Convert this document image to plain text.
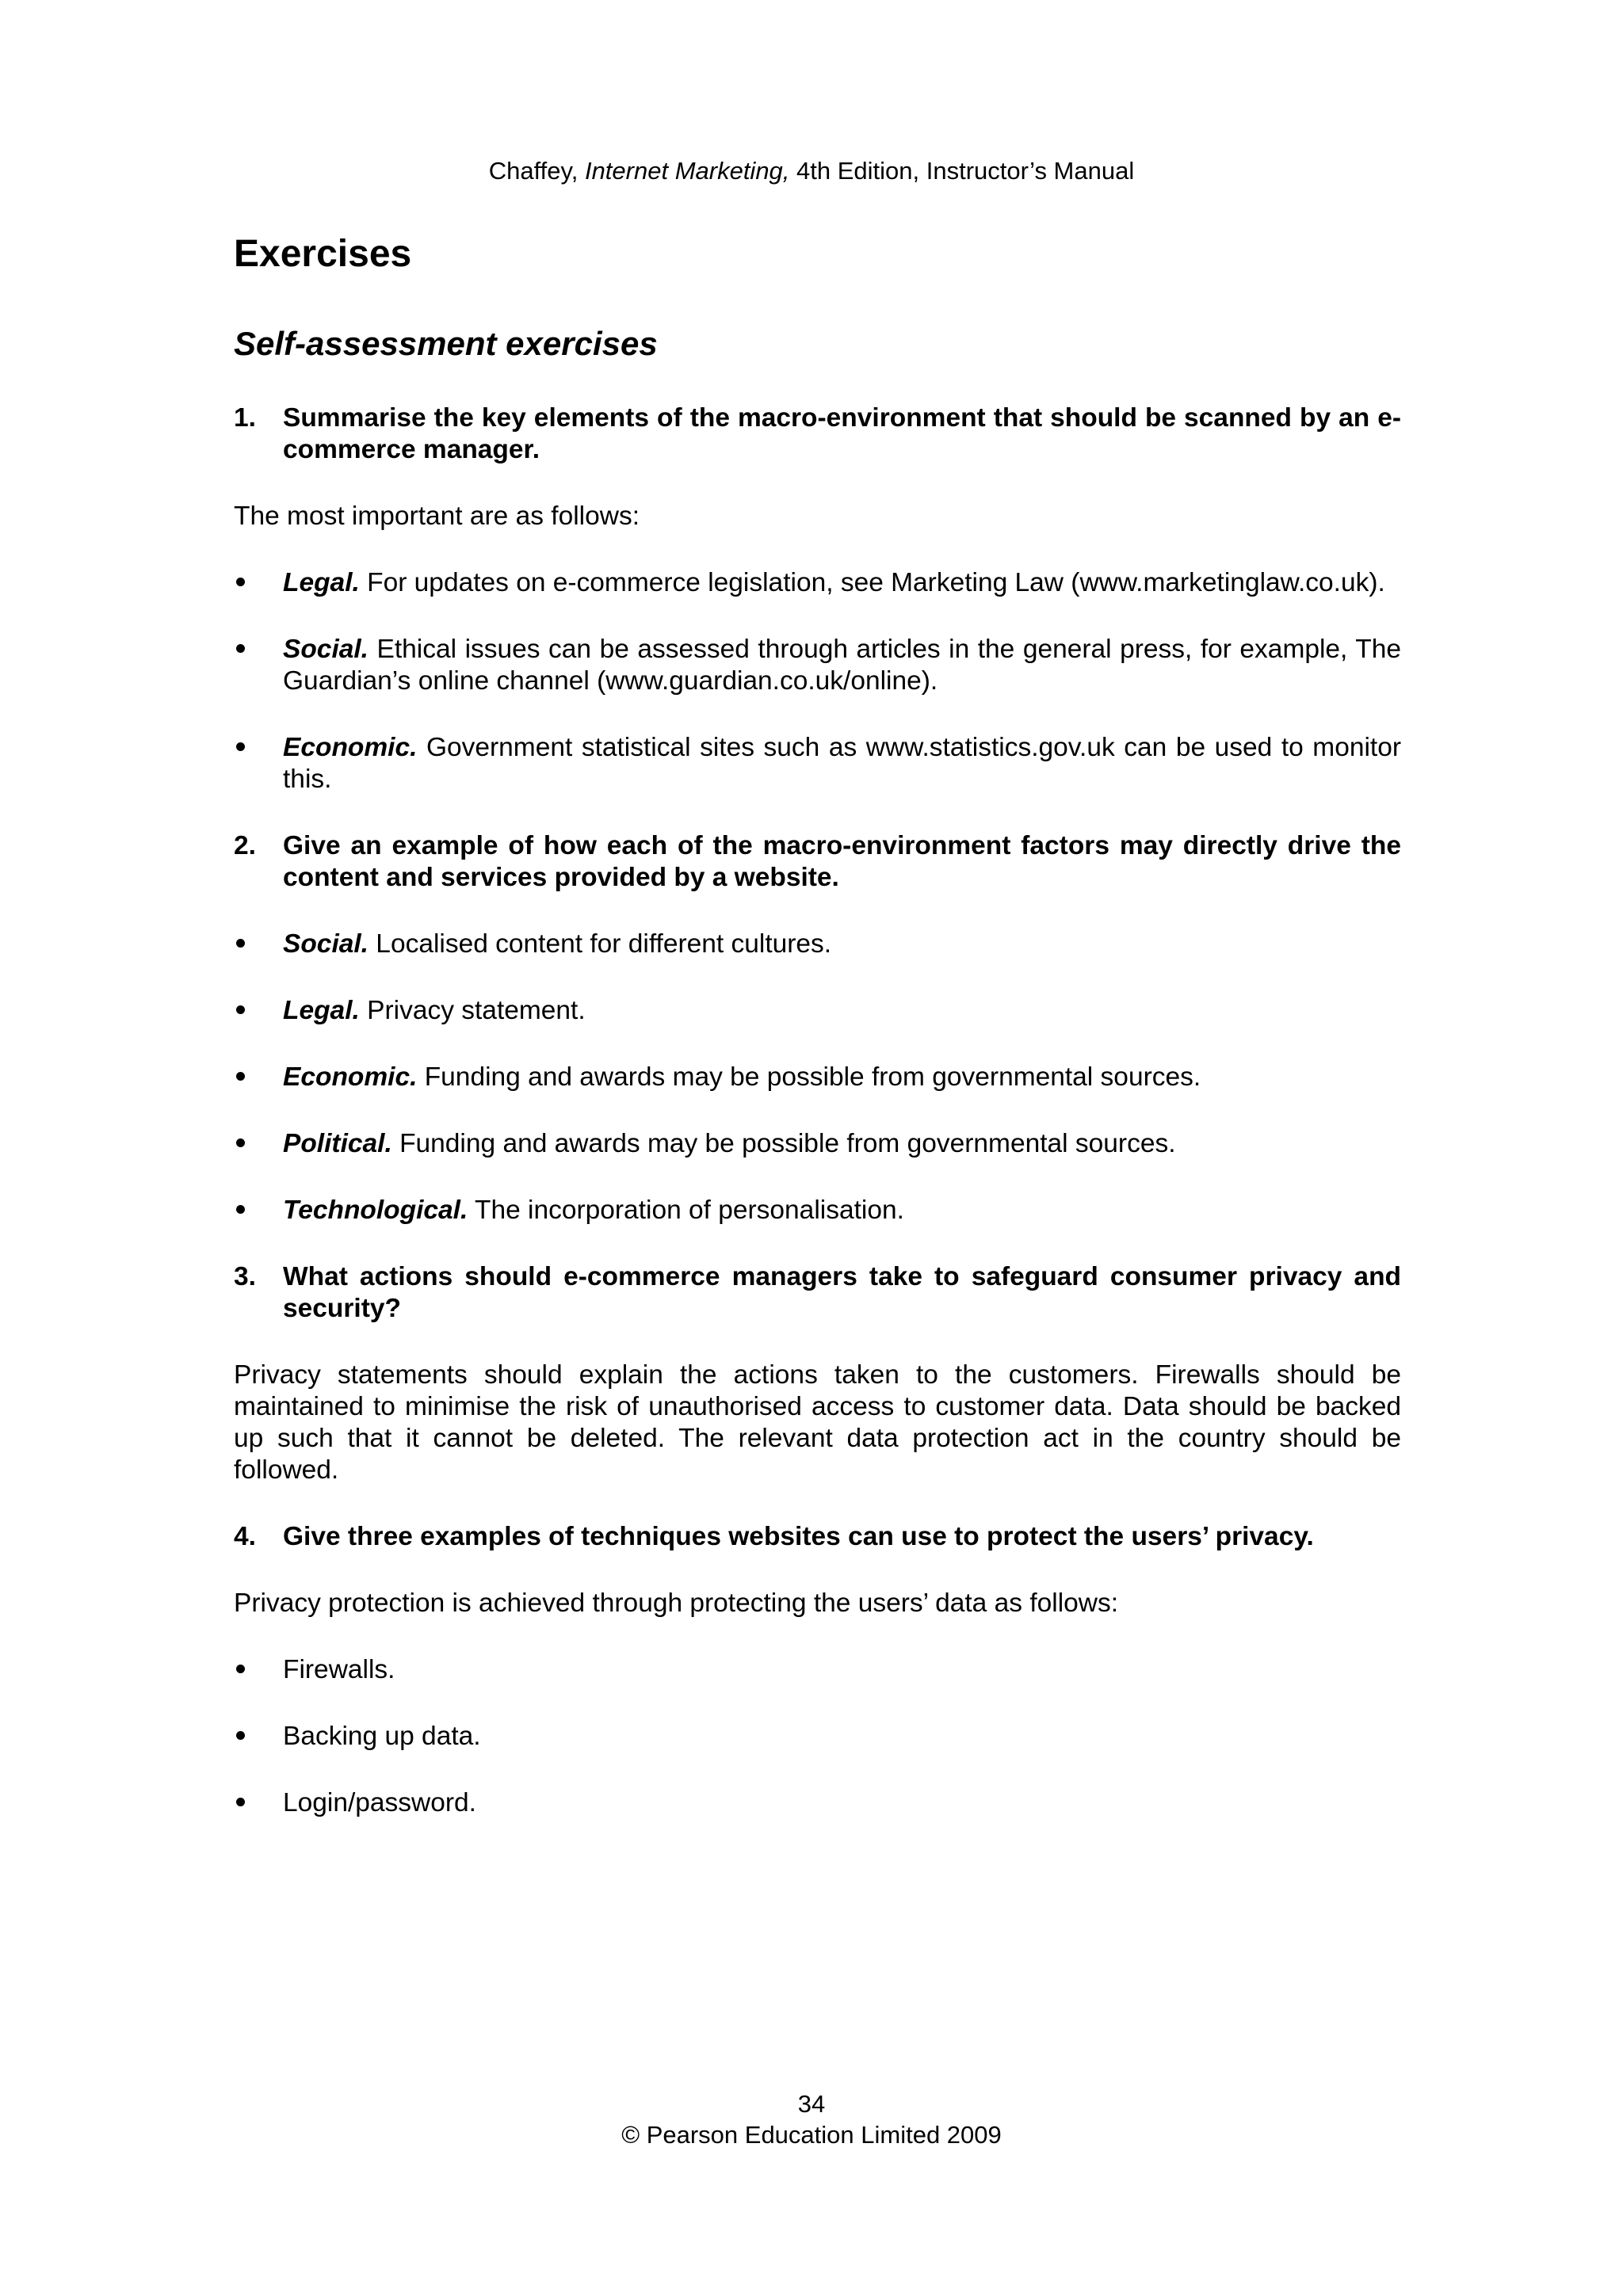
Chaffey, Internet Marketing, 4th Edition, Instructor’s Manual
Exercises
Self-assessment exercises
1.	Summarise the key elements of the macro-environment that should be scanned by an e-commerce manager.

The most important are as follows:

Legal. For updates on e-commerce legislation, see Marketing Law (www.marketinglaw.co.uk).
Social. Ethical issues can be assessed through articles in the general press, for example, The Guardian’s online channel (www.guardian.co.uk/online).
Economic. Government statistical sites such as www.statistics.gov.uk can be used to monitor this.
2.	Give an example of how each of the macro-environment factors may directly drive the content and services provided by a website.
Social. Localised content for different cultures.
Legal. Privacy statement.
Economic. Funding and awards may be possible from governmental sources.
Political. Funding and awards may be possible from governmental sources.
Technological. The incorporation of personalisation.
3.	What actions should e-commerce managers take to safeguard consumer privacy and security?

Privacy statements should explain the actions taken to the customers. Firewalls should be maintained to minimise the risk of unauthorised access to customer data. Data should be backed up such that it cannot be deleted. The relevant data protection act in the country should be followed.

4.	Give three examples of techniques websites can use to protect the users’ privacy.

Privacy protection is achieved through protecting the users’ data as follows:

Firewalls.
Backing up data.
Login/password.
34
© Pearson Education Limited 2009
